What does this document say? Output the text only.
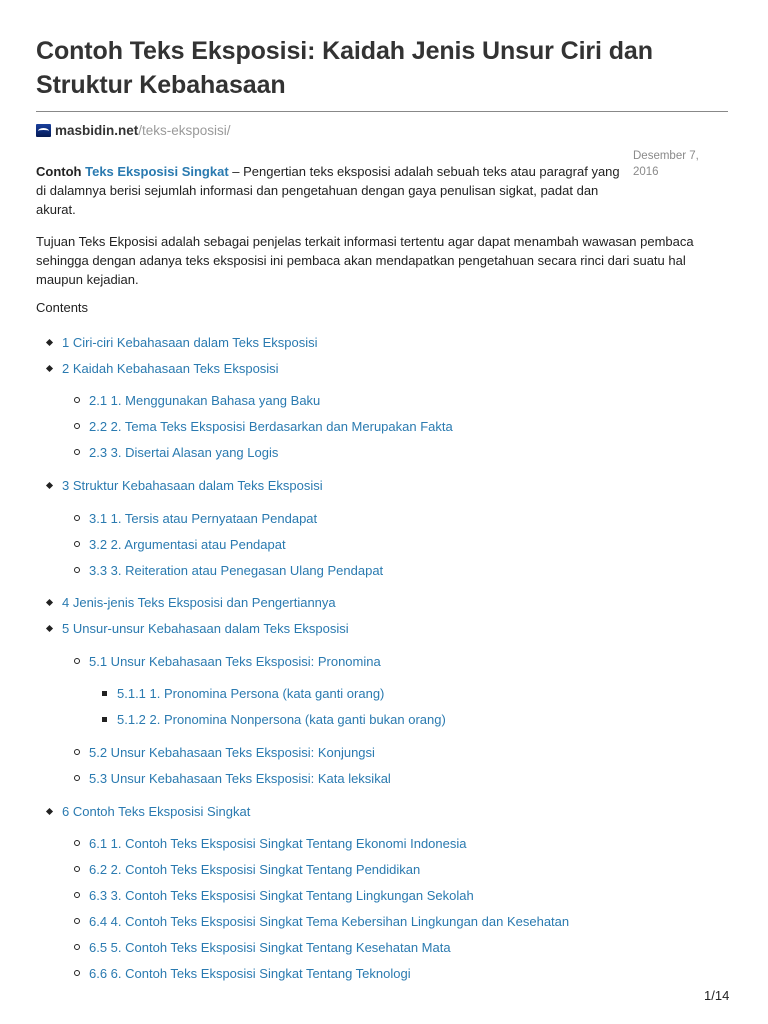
Contoh Teks Eksposisi: Kaidah Jenis Unsur Ciri dan Struktur Kebahasaan
masbidin.net /teks-eksposisi/
Desember 7, 2016

Contoh Teks Eksposisi Singkat – Pengertian teks eksposisi adalah sebuah teks atau paragraf yang di dalamnya berisi sejumlah informasi dan pengetahuan dengan gaya penulisan sigkat, padat dan akurat.

Tujuan Teks Ekposisi adalah sebagai penjelas terkait informasi tertentu agar dapat menambah wawasan pembaca sehingga dengan adanya teks eksposisi ini pembaca akan mendapatkan pengetahuan secara rinci dari suatu hal maupun kejadian.

Contents
1 Ciri-ciri Kebahasaan dalam Teks Eksposisi
2 Kaidah Kebahasaan Teks Eksposisi
2.1 1. Menggunakan Bahasa yang Baku
2.2 2. Tema Teks Eksposisi Berdasarkan dan Merupakan Fakta
2.3 3. Disertai Alasan yang Logis
3 Struktur Kebahasaan dalam Teks Eksposisi
3.1 1. Tersis atau Pernyataan Pendapat
3.2 2. Argumentasi atau Pendapat
3.3 3. Reiteration atau Penegasan Ulang Pendapat
4 Jenis-jenis Teks Eksposisi dan Pengertiannya
5 Unsur-unsur Kebahasaan dalam Teks Eksposisi
5.1 Unsur Kebahasaan Teks Eksposisi: Pronomina
5.1.1 1. Pronomina Persona (kata ganti orang)
5.1.2 2. Pronomina Nonpersona (kata ganti bukan orang)
5.2 Unsur Kebahasaan Teks Eksposisi: Konjungsi
5.3 Unsur Kebahasaan Teks Eksposisi: Kata leksikal
6 Contoh Teks Eksposisi Singkat
6.1 1. Contoh Teks Eksposisi Singkat Tentang Ekonomi Indonesia
6.2 2. Contoh Teks Eksposisi Singkat Tentang Pendidikan
6.3 3. Contoh Teks Eksposisi Singkat Tentang Lingkungan Sekolah
6.4 4. Contoh Teks Eksposisi Singkat Tema Kebersihan Lingkungan dan Kesehatan
6.5 5. Contoh Teks Eksposisi Singkat Tentang Kesehatan Mata
6.6 6. Contoh Teks Eksposisi Singkat Tentang Teknologi
1/14
